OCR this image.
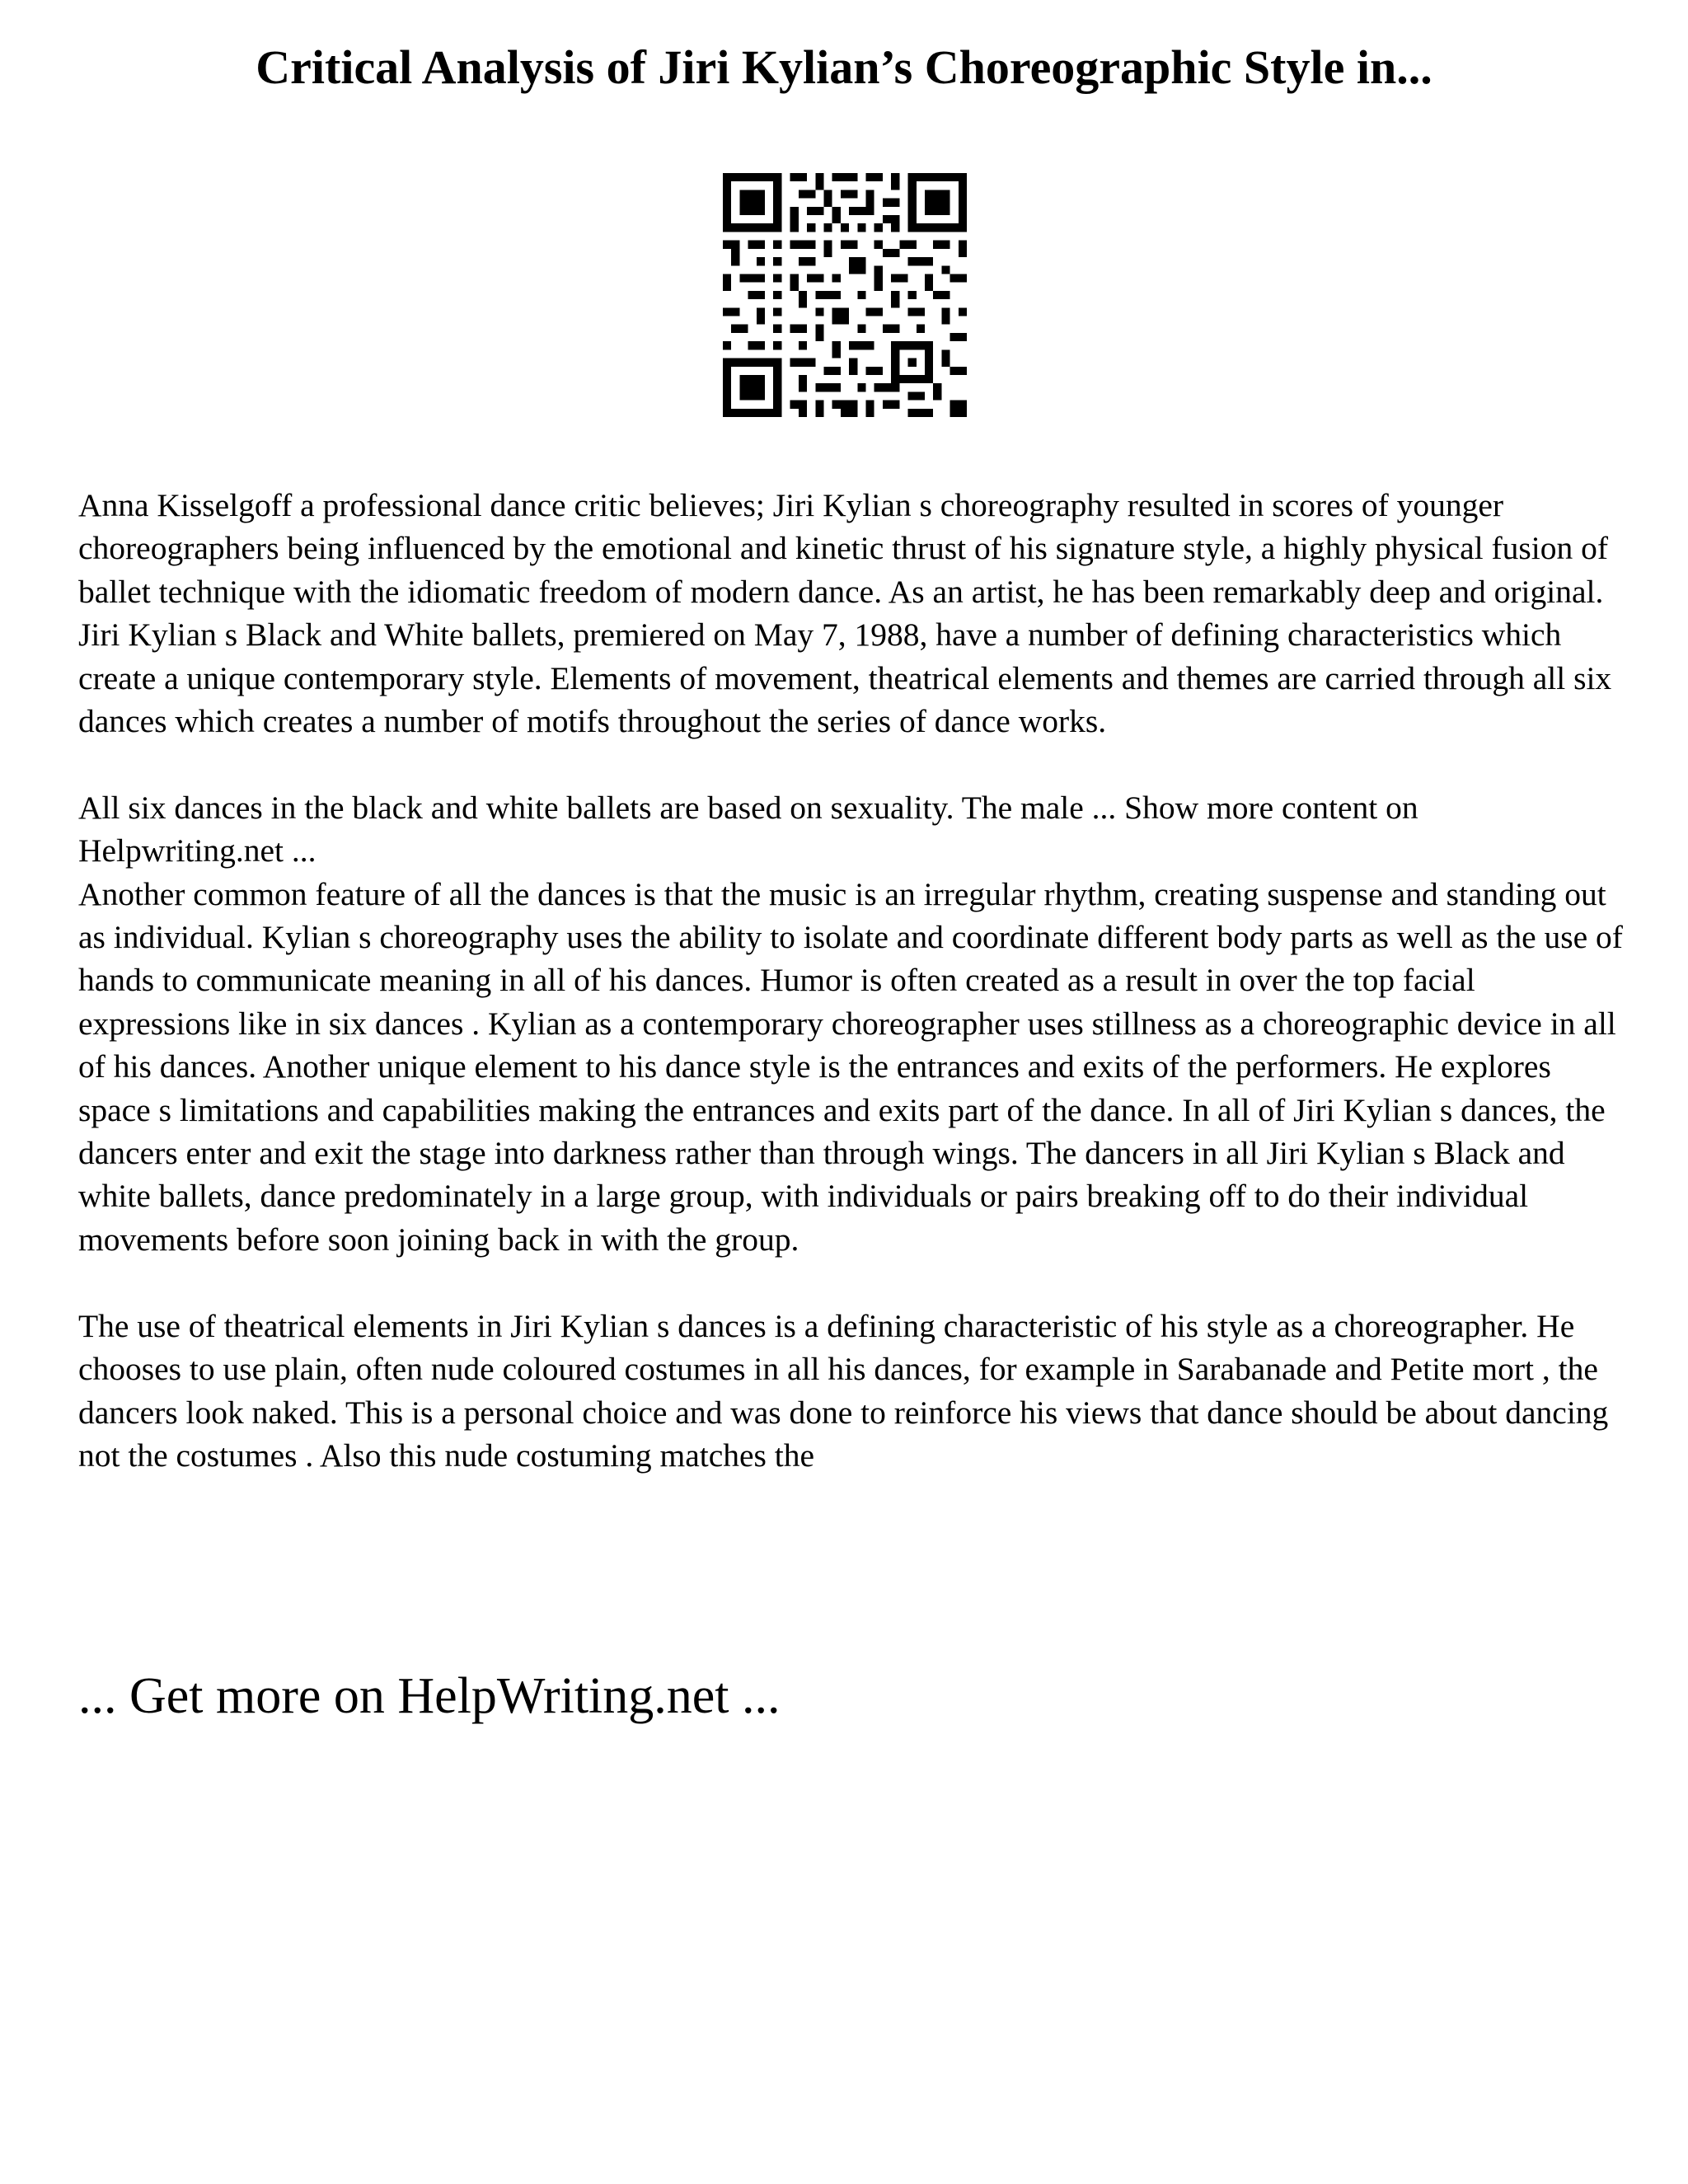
Critical Analysis of Jiri Kylian’s Choreographic Style in...

Anna Kisselgoff a professional dance critic believes; Jiri Kylian s choreography resulted in scores of younger choreographers being influenced by the emotional and kinetic thrust of his signature style, a highly physical fusion of ballet technique with the idiomatic freedom of modern dance. As an artist, he has been remarkably deep and original. Jiri Kylian s Black and White ballets, premiered on May 7, 1988, have a number of defining characteristics which create a unique contemporary style. Elements of movement, theatrical elements and themes are carried through all six dances which creates a number of motifs throughout the series of dance works.

All six dances in the black and white ballets are based on sexuality. The male ... Show more content on Helpwriting.net ...

Another common feature of all the dances is that the music is an irregular rhythm, creating suspense and standing out as individual. Kylian s choreography uses the ability to isolate and coordinate different body parts as well as the use of hands to communicate meaning in all of his dances. Humor is often created as a result in over the top facial expressions like in six dances . Kylian as a contemporary choreographer uses stillness as a choreographic device in all of his dances. Another unique element to his dance style is the entrances and exits of the performers. He explores space s limitations and capabilities making the entrances and exits part of the dance. In all of Jiri Kylian s dances, the dancers enter and exit the stage into darkness rather than through wings. The dancers in all Jiri Kylian s Black and white ballets, dance predominately in a large group, with individuals or pairs breaking off to do their individual movements before soon joining back in with the group.

The use of theatrical elements in Jiri Kylian s dances is a defining characteristic of his style as a choreographer. He chooses to use plain, often nude coloured costumes in all his dances, for example in Sarabanade and Petite mort , the dancers look naked. This is a personal choice and was done to reinforce his views that dance should be about dancing not the costumes . Also this nude costuming matches the

... Get more on HelpWriting.net ...
